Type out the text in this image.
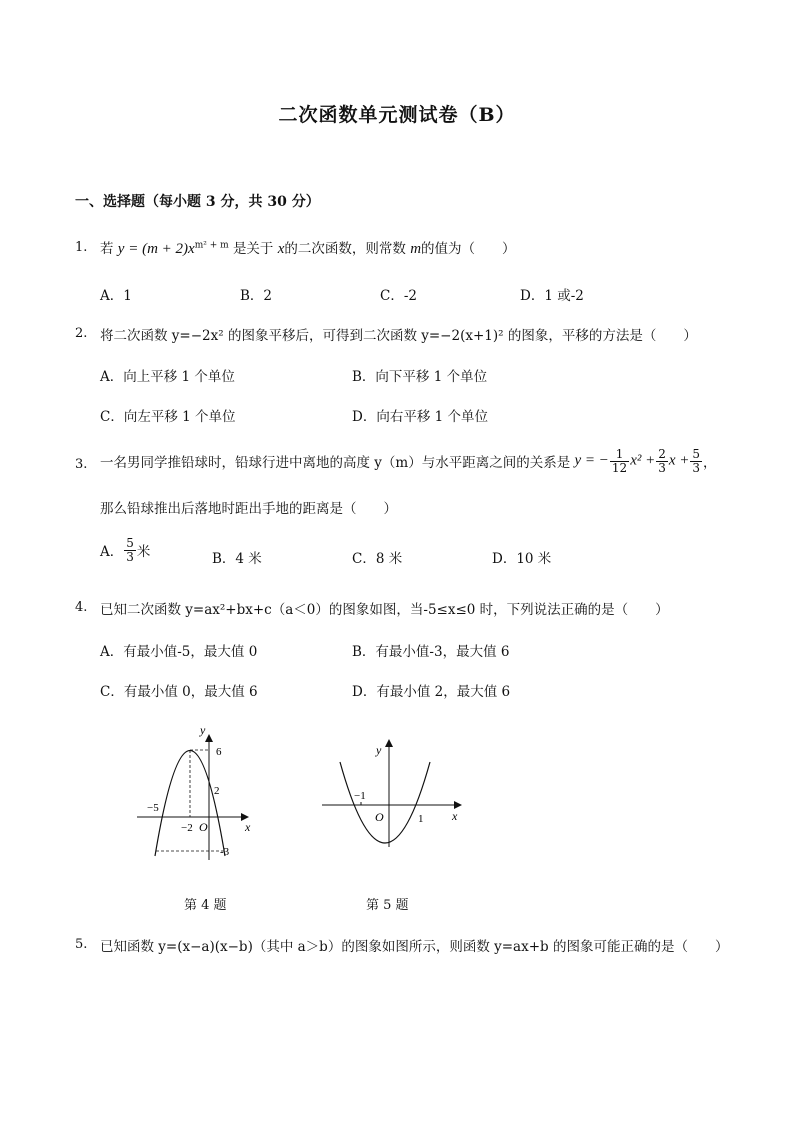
二次函数单元测试卷（B）
一、选择题（每小题 3 分，共 30 分）
1. 若 $y = (m + 2)x^{m^2 + m}$ 是关于 x的二次函数，则常数 m的值为（　　）
A．1	B．2	C．-2	D．1 或-2
2. 将二次函数 y=−2x² 的图象平移后，可得到二次函数 y=−2(x+1)² 的图象，平移的方法是（　　）
A．向上平移 1 个单位	B．向下平移 1 个单位
C．向左平移 1 个单位	D．向右平移 1 个单位
3. 一名男同学推铅球时，铅球行进中离地的高度 y（m）与水平距离之间的关系是 y = − $\frac{1}{12} x^2 + \frac{2}{3}$ $x + \frac{5}{3}$ ，
那么铅球推出后落地时距出手地的距离是（　　）
A． $\frac{5}{3}$ 米	B．4 米	C．8 米	D．10 米
4. 已知二次函数 y=ax²+bx+c（a＜0）的图象如图，当-5≤x≤0 时，下列说法正确的是（　　）
A．有最小值-5，最大值 0	B．有最小值-3，最大值 6
C．有最小值 0，最大值 6	D．有最小值 2，最大值 6
y
x
6
2
−5
−2 O
-3
第 4 题
y
x
−1
O	1
第 5 题
5. 已知函数 y=(x−a)(x−b)（其中 a＞b）的图象如图所示，则函数 y=ax+b 的图象可能正确的是（　　）
